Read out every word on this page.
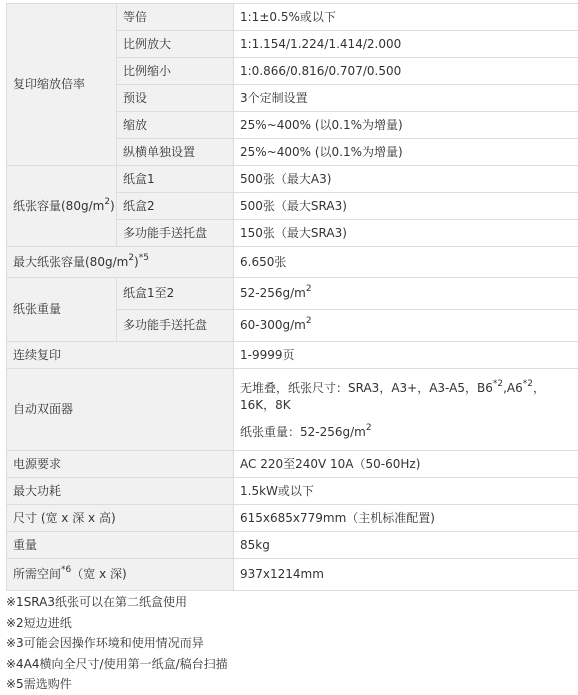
复印缩放倍率	等倍	1:1±0.5%或以下
	比例放大	1:1.154/1.224/1.414/2.000
	比例缩小	1:0.866/0.816/0.707/0.500
	预设	3个定制设置
	缩放	25%~400% (以0.1%为增量)
	纵横单独设置	25%~400% (以0.1%为增量)
纸张容量$(80g/m^2)$	纸盒1	500张（最大A3)
	纸盒2	500张（最大SRA3)
	多功能手送托盘	150张（最大SRA3)
最大纸张容量$(80g/m^2)^{*5}$		6.650张
纸张重量	纸盒1至2	$52-256g/m^2$
	多功能手送托盘	$60-300g/m^2$
连续复印		1-9999页
自动双面器		无堆叠，纸张尺寸：SRA3，A3+，A3-A5，B6$^{*2}$,A6$^{*2}$，
16K，8K
纸张重量：$52-256g/m^2$

电源要求		AC 220至240V 10A（50-60Hz)
最大功耗		1.5kW或以下
尺寸 (宽 x 深 x 高)		615x685x779mm（主机标准配置)
重量		85kg
所需空间$^{*6}$（宽 x 深)		937x1214mm
※1SRA3纸张可以在第二纸盒使用
※2短边进纸
※3可能会因操作环境和使用情况而异
※4A4横向全尺寸/使用第一纸盒/稿台扫描
※5需选购件
